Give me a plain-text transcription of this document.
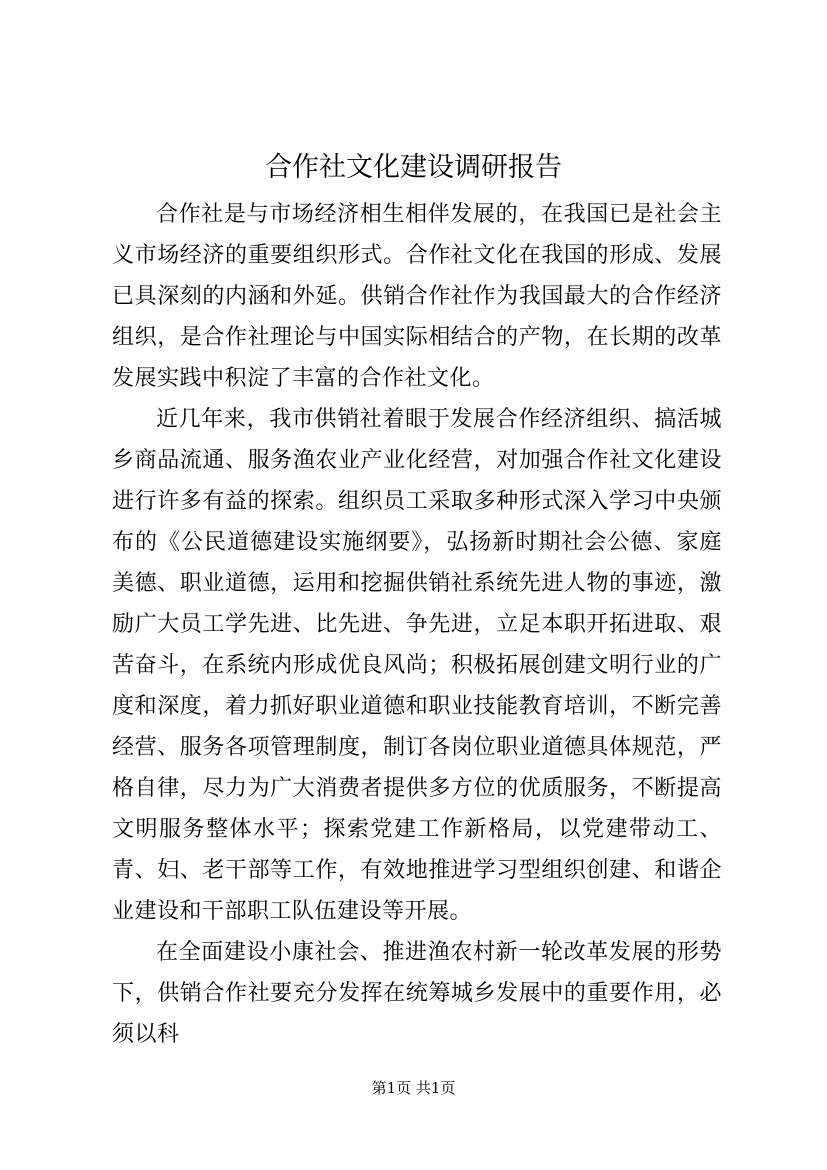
合作社文化建设调研报告

合作社是与市场经济相生相伴发展的，在我国已是社会主义市场经济的重要组织形式。合作社文化在我国的形成、发展已具深刻的内涵和外延。供销合作社作为我国最大的合作经济组织，是合作社理论与中国实际相结合的产物，在长期的改革发展实践中积淀了丰富的合作社文化。

近几年来，我市供销社着眼于发展合作经济组织、搞活城乡商品流通、服务渔农业产业化经营，对加强合作社文化建设进行许多有益的探索。组织员工采取多种形式深入学习中央颁布的《公民道德建设实施纲要》，弘扬新时期社会公德、家庭美德、职业道德，运用和挖掘供销社系统先进人物的事迹，激励广大员工学先进、比先进、争先进，立足本职开拓进取、艰苦奋斗，在系统内形成优良风尚；积极拓展创建文明行业的广度和深度，着力抓好职业道德和职业技能教育培训，不断完善经营、服务各项管理制度，制订各岗位职业道德具体规范，严格自律，尽力为广大消费者提供多方位的优质服务，不断提高文明服务整体水平；探索党建工作新格局，以党建带动工、青、妇、老干部等工作，有效地推进学习型组织创建、和谐企业建设和干部职工队伍建设等开展。

在全面建设小康社会、推进渔农村新一轮改革发展的形势下，供销合作社要充分发挥在统筹城乡发展中的重要作用，必须以科

第1页 共1页
